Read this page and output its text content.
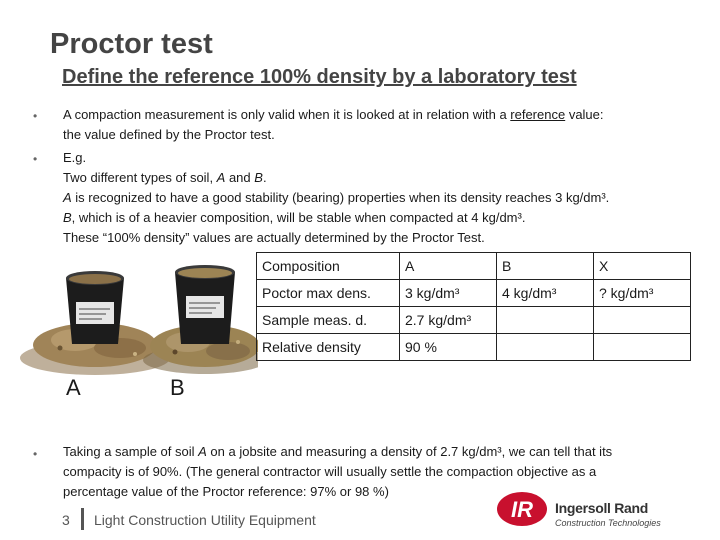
Proctor test
Define the reference 100% density by a laboratory test
• A compaction measurement is only valid when it is looked at in relation with a reference value:
the value defined by the Proctor test.
• E.g.
Two different types of soil, A and B.
A is recognized to have a good stability (bearing) properties when its density reaches 3 kg/dm³.
B, which is of a heavier composition, will be stable when compacted at 4 kg/dm³.
These “100% density” values are actually determined by the Proctor Test.
A	B
Composition	A	B	X
Poctor max dens.	3 kg/dm³	4 kg/dm³	? kg/dm³
Sample meas. d.	2.7 kg/dm³		
Relative density	90 %		
• Taking a sample of soil A on a jobsite and measuring a density of 2.7 kg/dm³, we can tell that its
compacity is of 90%. (The general contractor will usually settle the compaction objective as a
percentage value of the Proctor reference: 97% or 98 %)
3 Light Construction Utility Equipment	IR Ingersoll Rand
Construction Technologies
